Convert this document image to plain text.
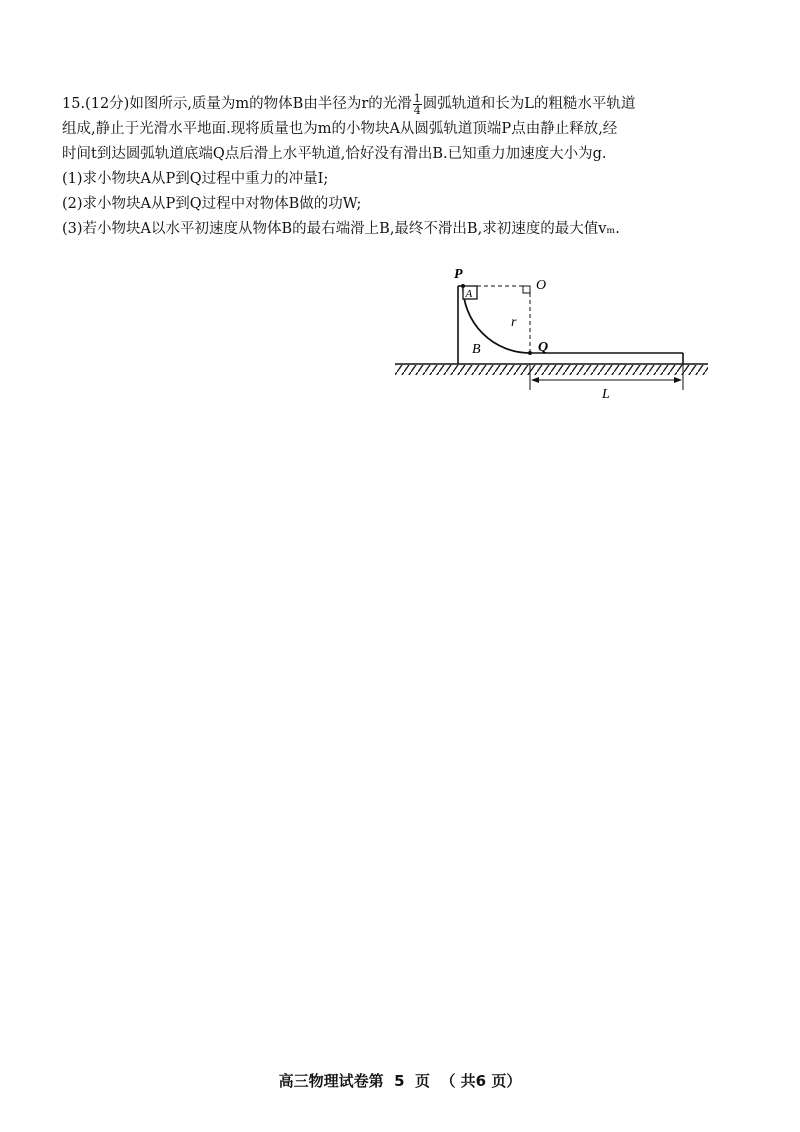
15.(12分)如图所示,质量为m的物体B由半径为r的光滑 $\frac{1}{4}$ 圆弧轨道和长为L的粗糙水平轨道

组成,静止于光滑水平地面.现将质量也为m的小物块A从圆弧轨道顶端P点由静止释放,经

时间t到达圆弧轨道底端Q点后滑上水平轨道,恰好没有滑出B.已知重力加速度大小为g.

(1)求小物块A从P到Q过程中重力的冲量I;

(2)求小物块A从P到Q过程中对物体B做的功W;

(3)若小物块A以水平初速度从物体B的最右端滑上B,最终不滑出B,求初速度的最大值vₘ.

A
P
O
r
B	Q
L
高三物理试卷第  5  页  （ 共6 页）
